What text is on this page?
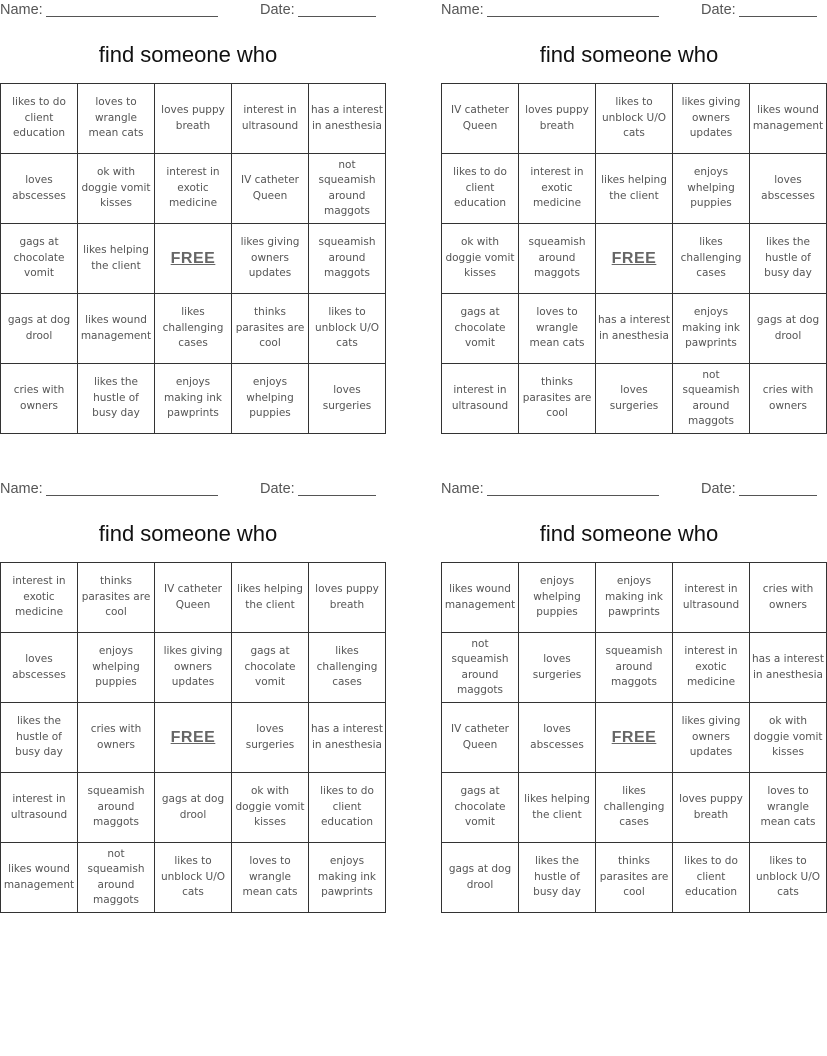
Name:	Date:
find someone who
likes to do client education	loves to wrangle mean cats	loves puppy breath	interest in ultrasound	has a interest in anesthesia
loves abscesses	ok with doggie vomit kisses	interest in exotic medicine	IV catheter Queen	not squeamish around maggots
gags at chocolate vomit	likes helping the client	FREE	likes giving owners updates	squeamish around maggots
gags at dog drool	likes wound management	likes challenging cases	thinks parasites are cool	likes to unblock U/O cats
cries with owners	likes the hustle of busy day	enjoys making ink pawprints	enjoys whelping puppies	loves surgeries
Name:	Date:
find someone who
IV catheter Queen	loves puppy breath	likes to unblock U/O cats	likes giving owners updates	likes wound management
likes to do client education	interest in exotic medicine	likes helping the client	enjoys whelping puppies	loves abscesses
ok with doggie vomit kisses	squeamish around maggots	FREE	likes challenging cases	likes the hustle of busy day
gags at chocolate vomit	loves to wrangle mean cats	has a interest in anesthesia	enjoys making ink pawprints	gags at dog drool
interest in ultrasound	thinks parasites are cool	loves surgeries	not squeamish around maggots	cries with owners
Name:	Date:
find someone who
interest in exotic medicine	thinks parasites are cool	IV catheter Queen	likes helping the client	loves puppy breath
loves abscesses	enjoys whelping puppies	likes giving owners updates	gags at chocolate vomit	likes challenging cases
likes the hustle of busy day	cries with owners	FREE	loves surgeries	has a interest in anesthesia
interest in ultrasound	squeamish around maggots	gags at dog drool	ok with doggie vomit kisses	likes to do client education
likes wound management	not squeamish around maggots	likes to unblock U/O cats	loves to wrangle mean cats	enjoys making ink pawprints
Name:	Date:
find someone who
likes wound management	enjoys whelping puppies	enjoys making ink pawprints	interest in ultrasound	cries with owners
not squeamish around maggots	loves surgeries	squeamish around maggots	interest in exotic medicine	has a interest in anesthesia
IV catheter Queen	loves abscesses	FREE	likes giving owners updates	ok with doggie vomit kisses
gags at chocolate vomit	likes helping the client	likes challenging cases	loves puppy breath	loves to wrangle mean cats
gags at dog drool	likes the hustle of busy day	thinks parasites are cool	likes to do client education	likes to unblock U/O cats
